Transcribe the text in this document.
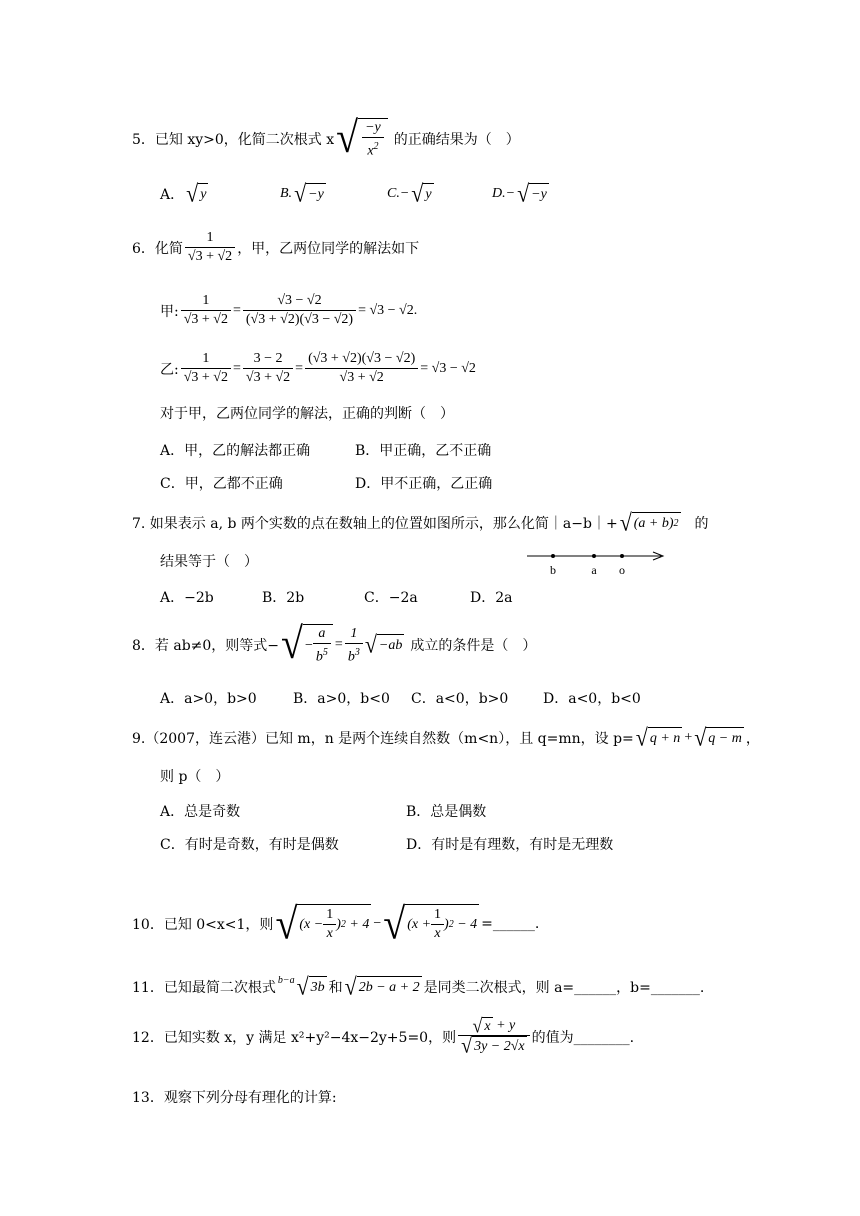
5．已知 xy>0，化简二次根式 x √ $\frac{-y}{x^2}$ 的正确结果为（　）
A． √ y	B. √ −y	C.− √ y	D.− √ −y
6．化简 $\frac{1}{√3 + √2}$ ，甲，乙两位同学的解法如下
甲: $\frac{1}{√3 + √2} = \frac{√3 - √2}{(√3 + √2)(√3 - √2)} = √3 - √2$.
乙: $\frac{1}{√3 + √2} = \frac{3 - 2}{√3 + √2} = \frac{(√3 + √2)(√3 - √2)}{√3 + √2} = √3 - √2$
对于甲，乙两位同学的解法，正确的判断（　）
A．甲，乙的解法都正确	B．甲正确，乙不正确
C．甲，乙都不正确	D．甲不正确，乙正确
7. 如果表示 a, b 两个实数的点在数轴上的位置如图所示，那么化简｜a−b｜+ √ (a + b) 2 的
结果等于（　）	b	a o
A．−2b	B．2b	C．−2a	D．2a
8．若 ab≠0，则等式− √ − $\frac{a}{b^5} = \frac{1}{b^3}$ √ −ab 成立的条件是（　）
A．a>0，b>0	B．a>0，b<0 C．a<0，b>0 D．a<0，b<0
9.（2007，连云港）已知 m，n 是两个连续自然数（m<n），且 q=mn，设 p= √ q + n + √ q − m ，
则 p（　）
A．总是奇数	B．总是偶数
C．有时是奇数，有时是偶数	D．有时是有理数，有时是无理数
10．已知 0<x<1，则 √ ($x - \frac{1}{x}$ ) 2 + 4 − √ ($x + \frac{1}{x}$ ) 2 − 4 =______.
11．已知最简二次根式 b−a √ 3b 和 √ 2b − a + 2 是同类二次根式，则 a=______，b=_______.
12．已知实数 x，y 满足 x²+y²−4x−2y+5=0，则 $\frac{√ x + y}{√ 3y - 2√x}$ 的值为________.
13．观察下列分母有理化的计算:
